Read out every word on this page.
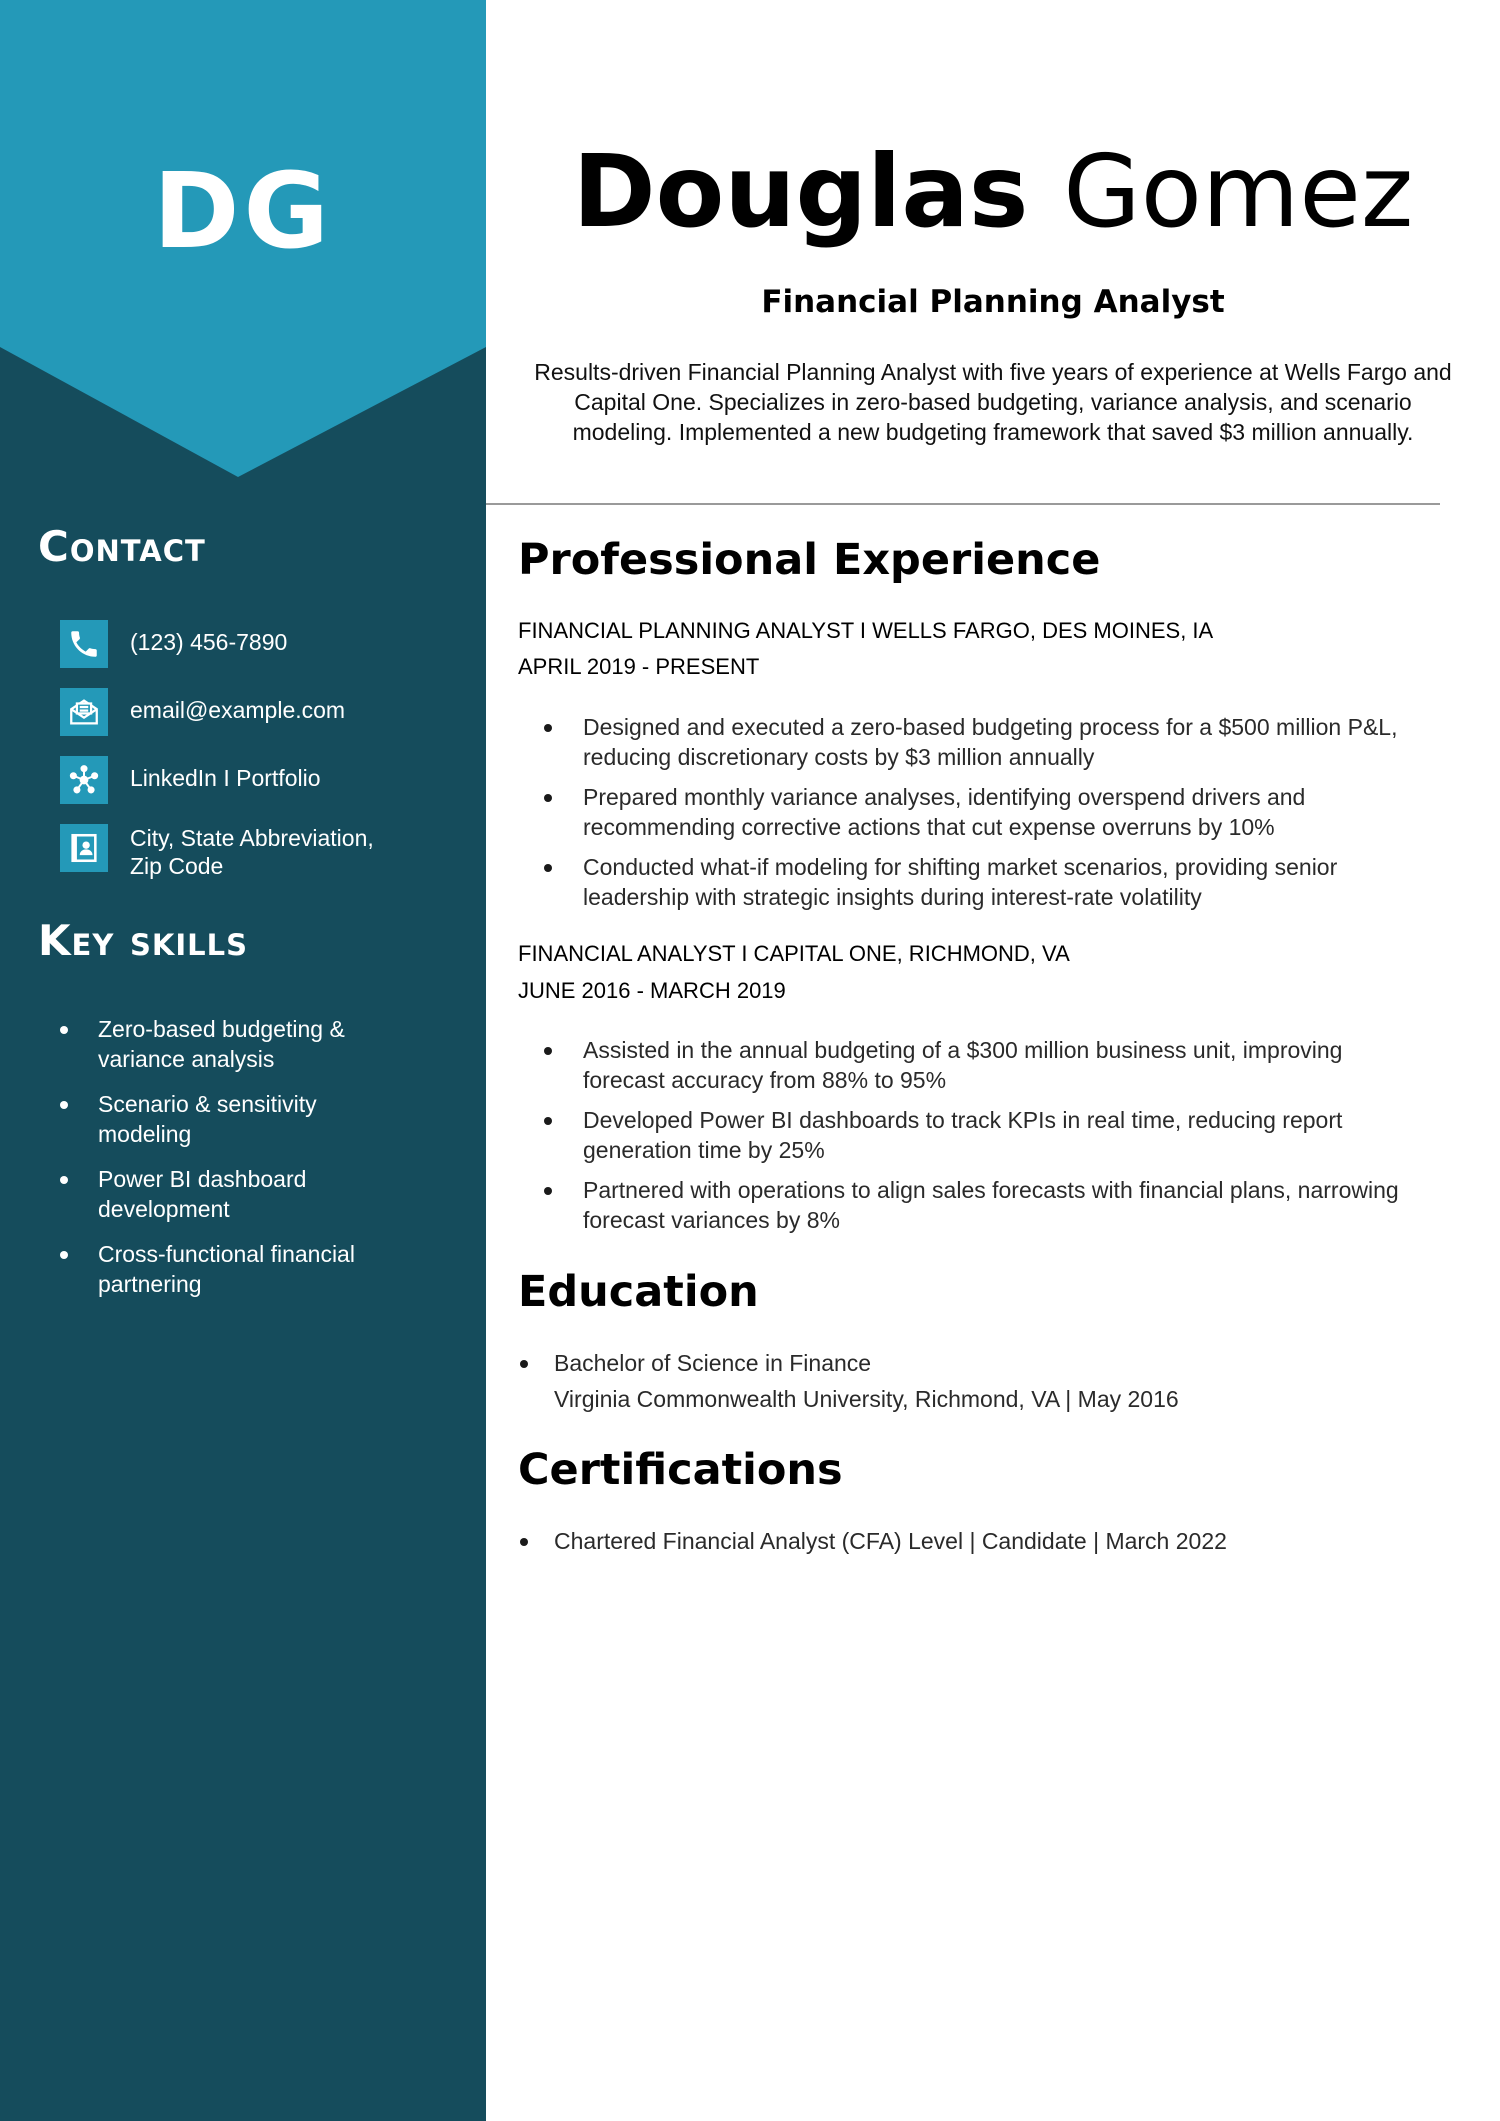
DG
Contact
(123) 456-7890
email@example.com
LinkedIn I Portfolio
City, State Abbreviation, Zip Code
Key skills
Zero-based budgeting & variance analysis
Scenario & sensitivity modeling
Power BI dashboard development
Cross-functional financial partnering
Douglas Gomez
Financial Planning Analyst

Results-driven Financial Planning Analyst with five years of experience at Wells Fargo and Capital One. Specializes in zero-based budgeting, variance analysis, and scenario modeling. Implemented a new budgeting framework that saved $3 million annually.

Professional Experience

FINANCIAL PLANNING ANALYST I WELLS FARGO, DES MOINES, IA

APRIL 2019 - PRESENT

Designed and executed a zero-based budgeting process for a $500 million P&L, reducing discretionary costs by $3 million annually
Prepared monthly variance analyses, identifying overspend drivers and recommending corrective actions that cut expense overruns by 10%
Conducted what-if modeling for shifting market scenarios, providing senior leadership with strategic insights during interest-rate volatility

FINANCIAL ANALYST I CAPITAL ONE, RICHMOND, VA

JUNE 2016 - MARCH 2019

Assisted in the annual budgeting of a $300 million business unit, improving forecast accuracy from 88% to 95%
Developed Power BI dashboards to track KPIs in real time, reducing report generation time by 25%
Partnered with operations to align sales forecasts with financial plans, narrowing forecast variances by 8%
Education
Bachelor of Science in Finance
Virginia Commonwealth University, Richmond, VA | May 2016
Certifications
Chartered Financial Analyst (CFA) Level | Candidate | March 2022
